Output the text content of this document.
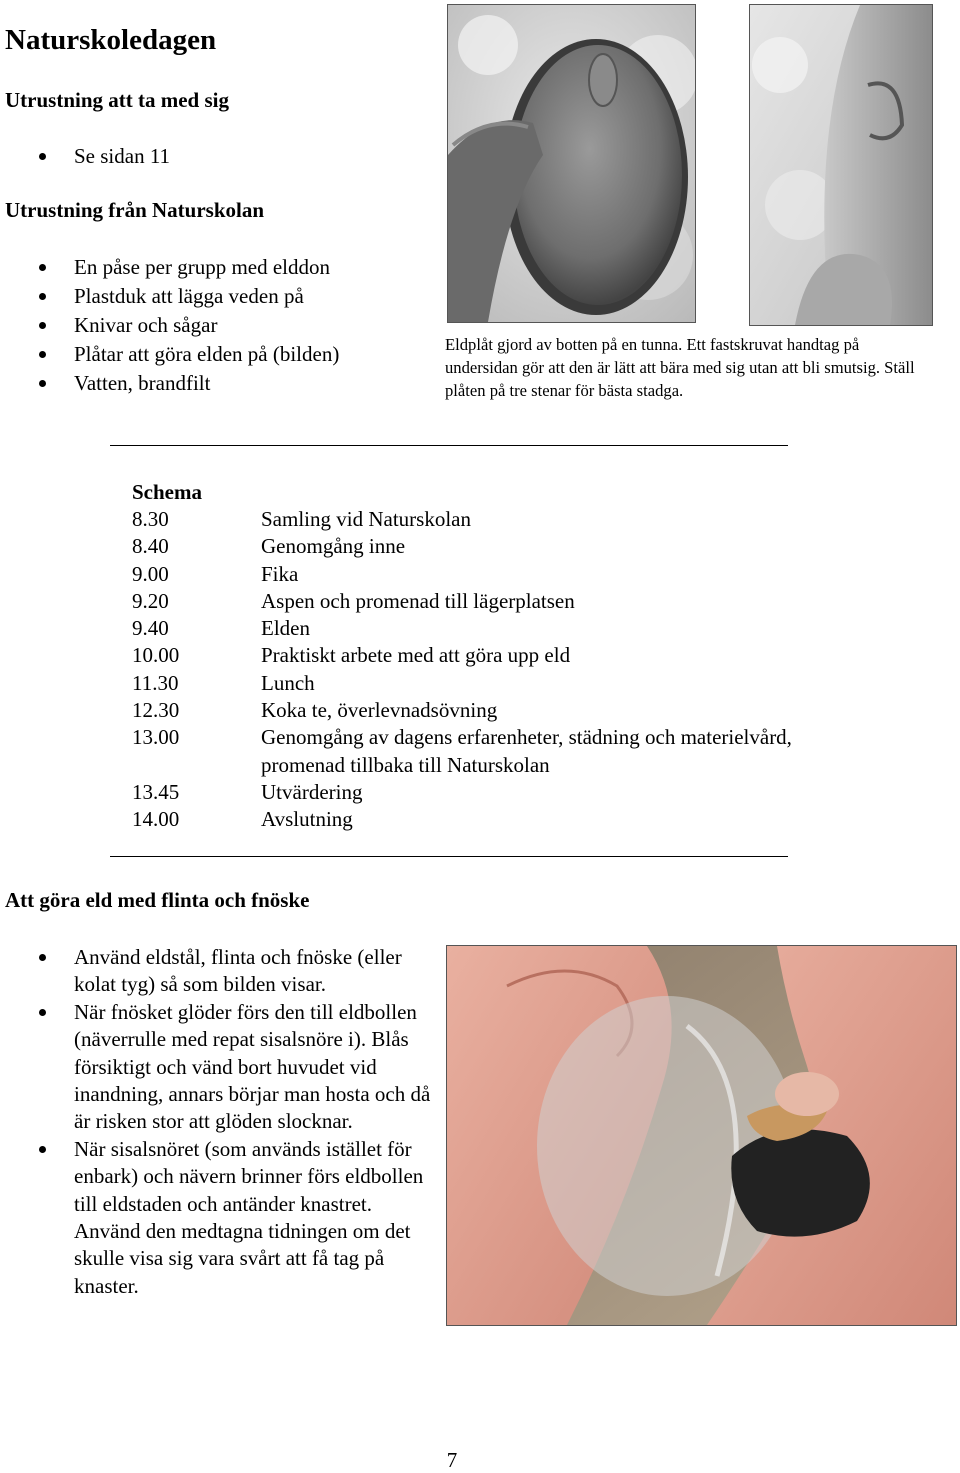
Naturskoledagen
Utrustning att ta med sig
Se sidan 11
Utrustning från Naturskolan
En påse per grupp med elddon
Plastduk att lägga veden på
Knivar och sågar
Plåtar att göra elden på (bilden)
Vatten, brandfilt
Eldplåt gjord av botten på en tunna. Ett fastskruvat handtag på undersidan gör att den är lätt att bära med sig utan att bli smutsig. Ställ plåten på tre stenar för bästa stadga.
Schema
8.30	Samling vid Naturskolan
8.40	Genomgång inne
9.00	Fika
9.20	Aspen och promenad till lägerplatsen
9.40	Elden
10.00	Praktiskt arbete med att göra upp eld
11.30	Lunch
12.30	Koka te, överlevnadsövning
13.00	Genomgång av dagens erfarenheter, städning och materielvård, promenad tillbaka till Naturskolan
13.45	Utvärdering
14.00	Avslutning
Att göra eld med flinta och fnöske
Använd eldstål, flinta och fnöske (eller kolat tyg) så som bilden visar.
När fnösket glöder förs den till eldbollen (näverrulle med repat sisalsnöre i). Blås försiktigt och vänd bort huvudet vid inandning, annars börjar man hosta och då är risken stor att glöden slocknar.
När sisalsnöret (som används istället för enbark) och nävern brinner förs eldbollen till eldstaden och antänder knastret. Använd den medtagna tidningen om det skulle visa sig vara svårt att få tag på knaster.
7
